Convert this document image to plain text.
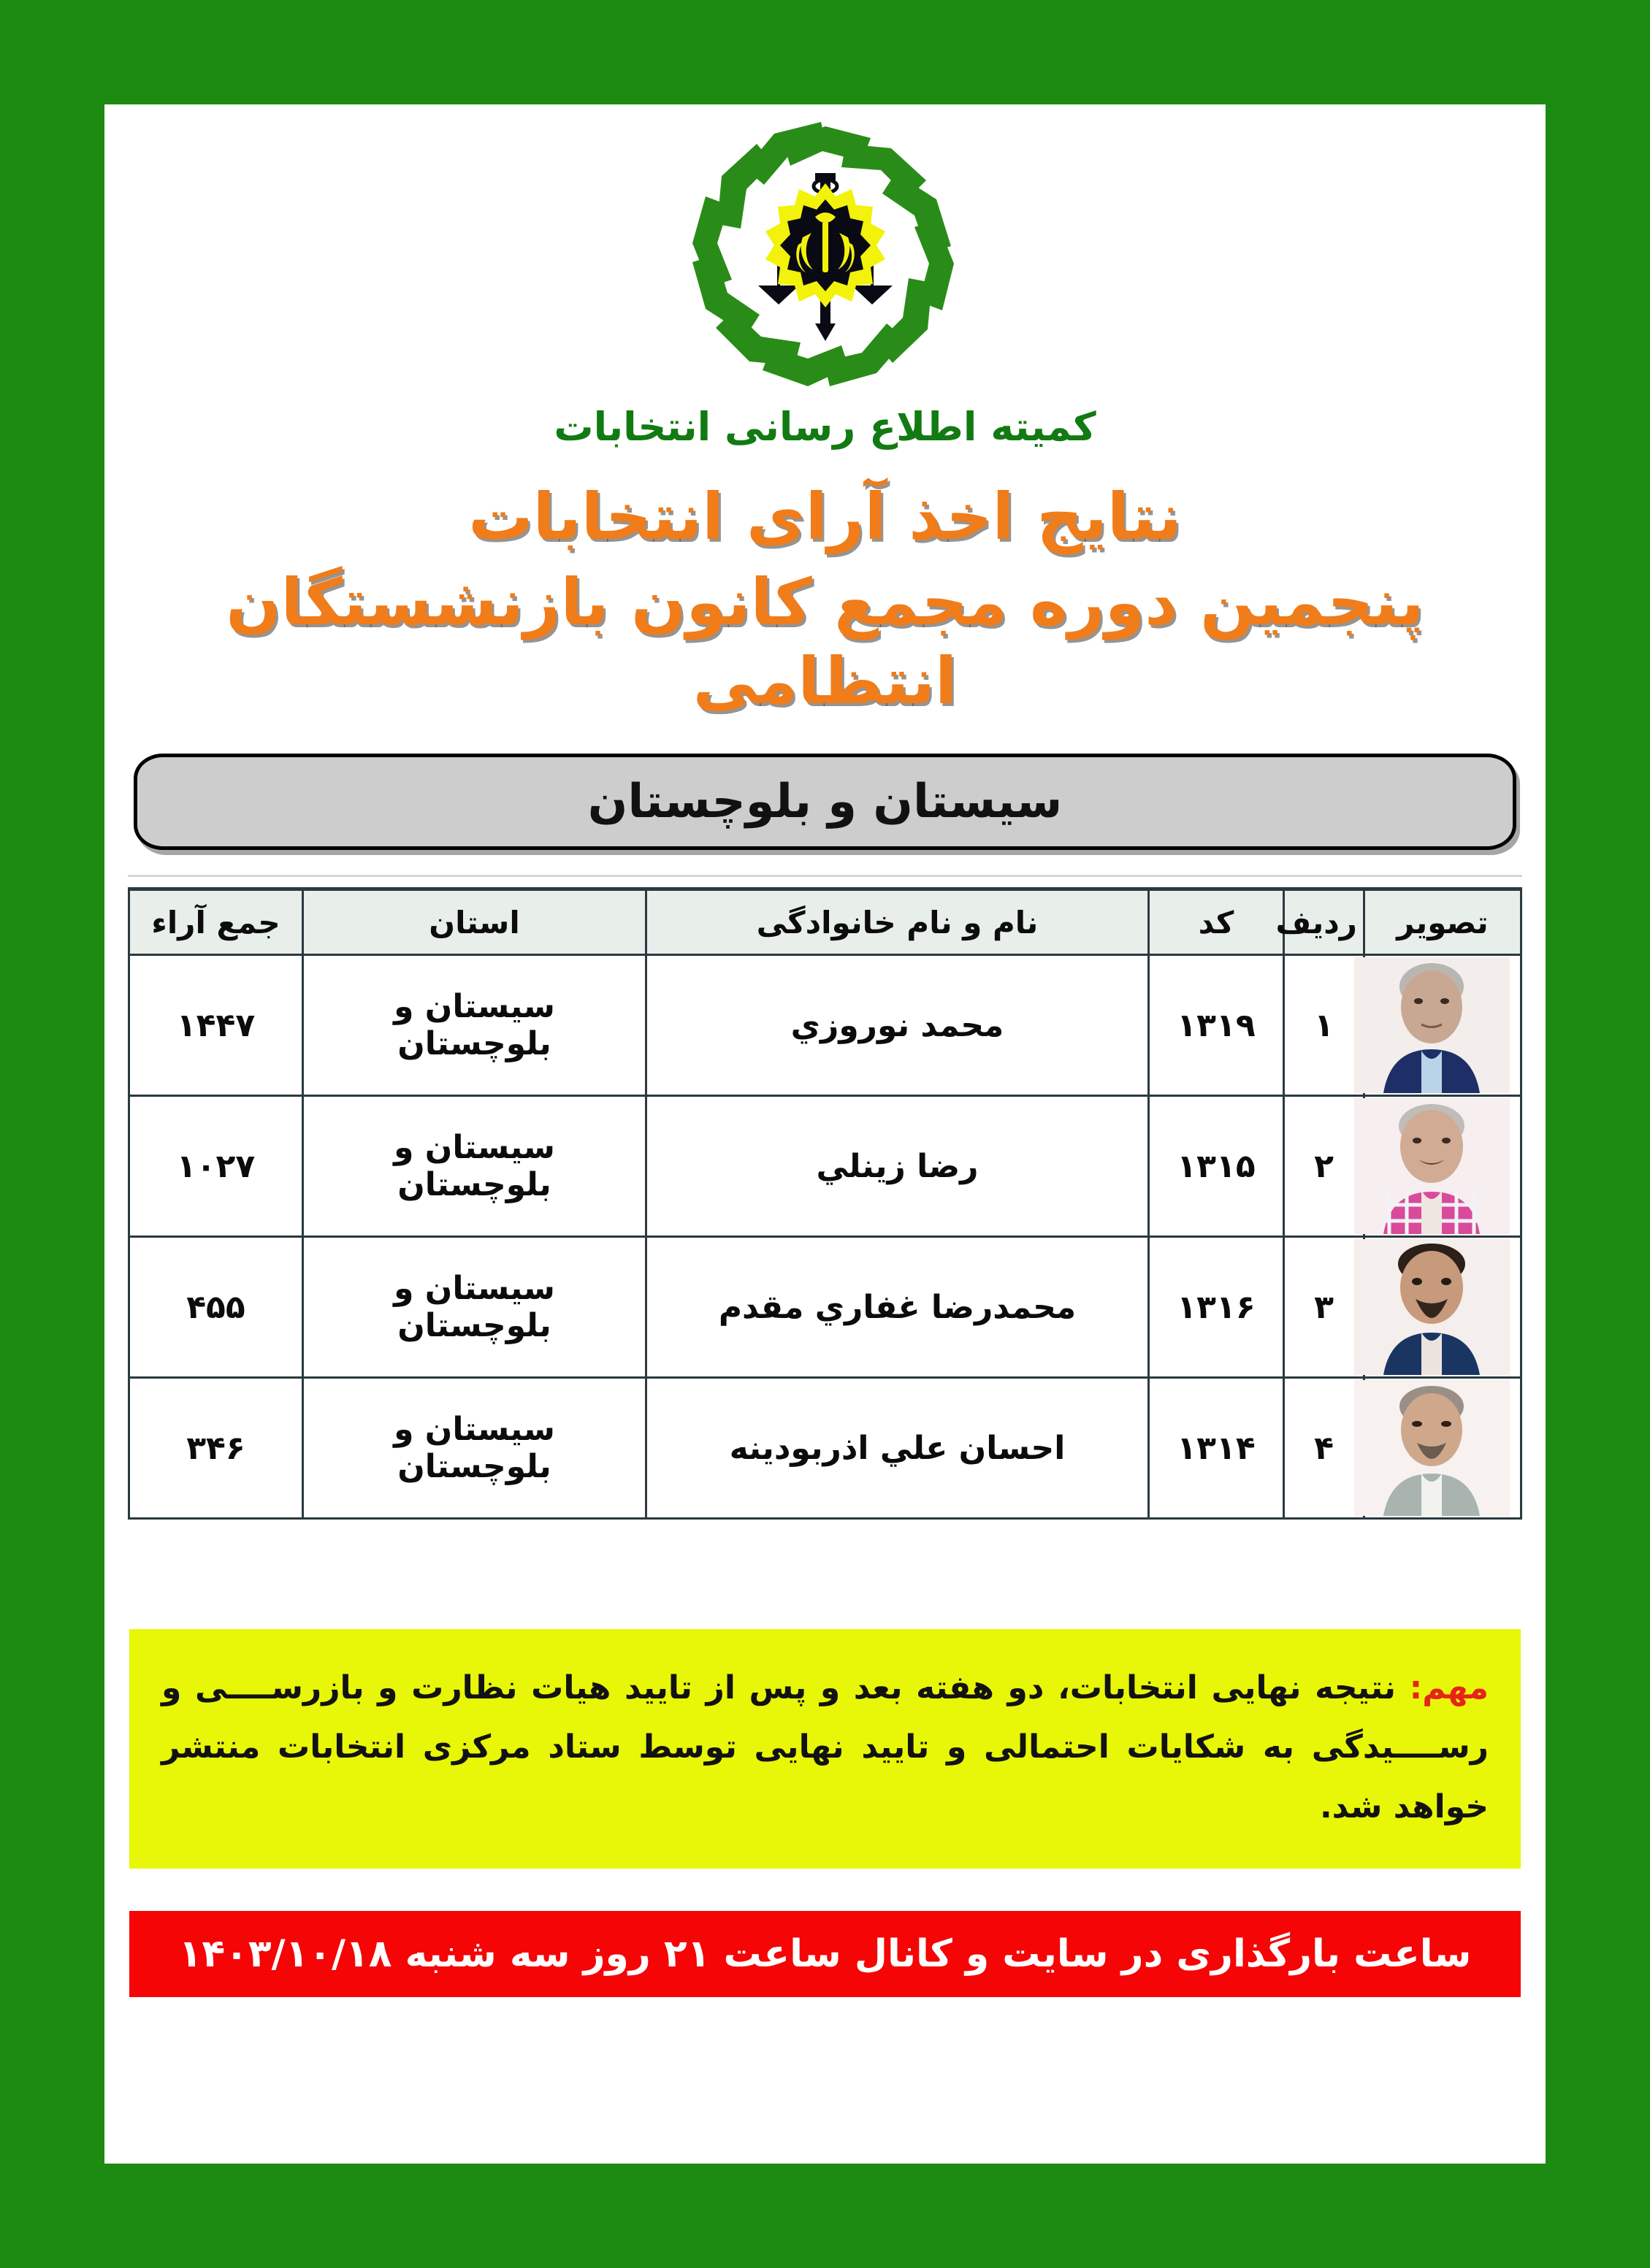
کمیته اطلاع رسانی انتخابات
نتایج اخذ آرای انتخابات
پنجمین دوره مجمع کانون بازنشستگان انتظامی
سیستان و بلوچستان
تصویر	ردیف	کد	نام و نام خانوادگی	استان	جمع آراء

	۱	۱۳۱۹	محمد نوروزي	سیستان و بلوچستان	۱۴۴۷

	۲	۱۳۱۵	رضا زینلي	سیستان و بلوچستان	۱۰۲۷

	۳	۱۳۱۶	محمدرضا غفاري مقدم	سیستان و بلوچستان	۴۵۵

	۴	۱۳۱۴	احسان علي اذربودینه	سیستان و بلوچستان	۳۴۶

مهم: نتیجه نهایی انتخابات، دو هفته بعد و پس از تایید هیات نظارت و بازرســــی و رســــیدگی به شکایات احتمالی و تایید نهایی توسط ستاد مرکزی انتخابات منتشر خواهد شد.

ساعت بارگذاری در سایت و کانال ساعت ۲۱ روز سه شنبه ۱۴۰۳/۱۰/۱۸
